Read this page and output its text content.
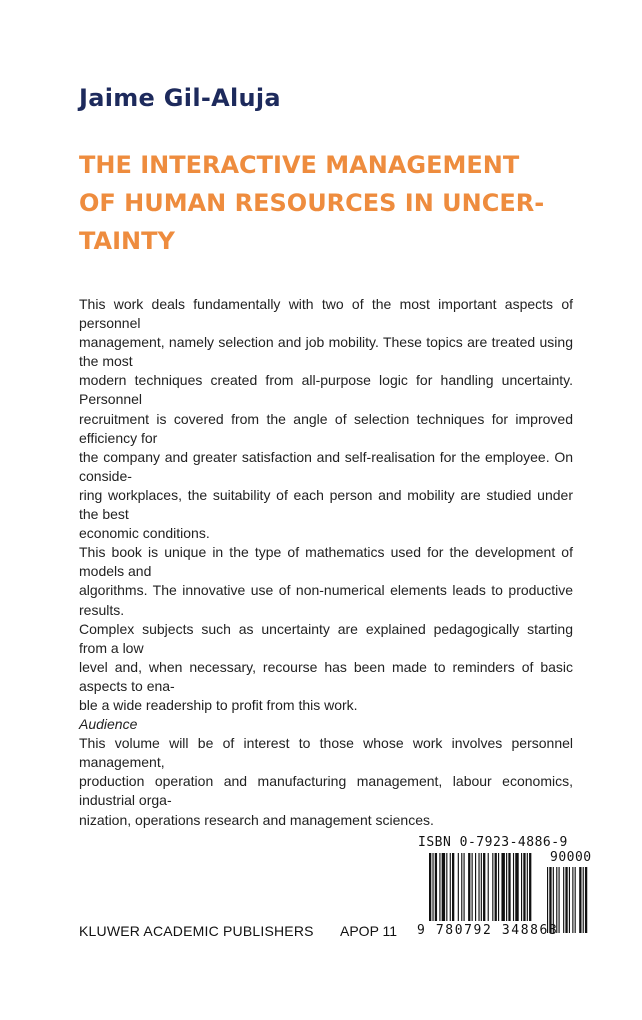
Jaime Gil-Aluja
THE INTERACTIVE MANAGEMENT
OF HUMAN RESOURCES IN UNCER-
TAINTY

This work deals fundamentally with two of the most important aspects of personnel

management, namely selection and job mobility. These topics are treated using the most

modern techniques created from all-purpose logic for handling uncertainty. Personnel

recruitment is covered from the angle of selection techniques for improved efficiency for

the company and greater satisfaction and self-realisation for the employee. On conside-

ring workplaces, the suitability of each person and mobility are studied under the best

economic conditions.

This book is unique in the type of mathematics used for the development of models and

algorithms. The innovative use of non-numerical elements leads to productive results.

Complex subjects such as uncertainty are explained pedagogically starting from a low

level and, when necessary, recourse has been made to reminders of basic aspects to ena-

ble a wide readership to profit from this work.

Audience

This volume will be of interest to those whose work involves personnel management,

production operation and manufacturing management, labour economics, industrial orga-

nization, operations research and management sciences.

KLUWER ACADEMIC PUBLISHERS APOP 11
ISBN 0-7923-4886-9
90000
9 780792 348863
